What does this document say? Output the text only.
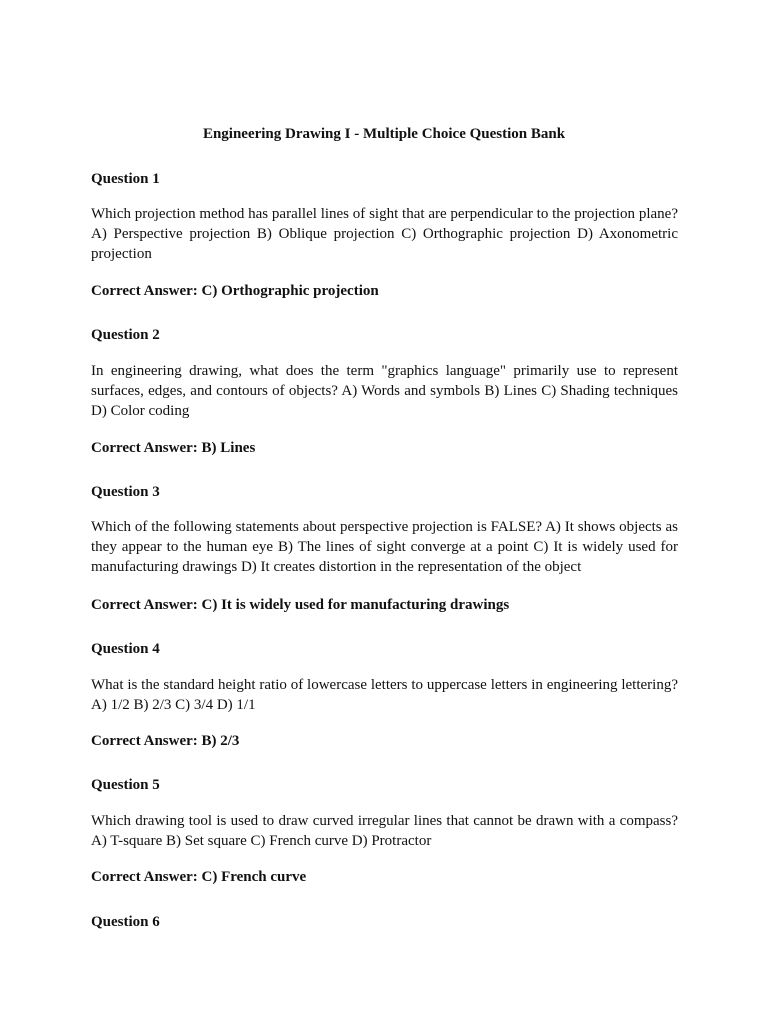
Engineering Drawing I - Multiple Choice Question Bank
Question 1
Which projection method has parallel lines of sight that are perpendicular to the projection plane? A) Perspective projection B) Oblique projection C) Orthographic projection D) Axonometric projection
Correct Answer: C) Orthographic projection
Question 2
In engineering drawing, what does the term "graphics language" primarily use to represent surfaces, edges, and contours of objects? A) Words and symbols B) Lines C) Shading techniques D) Color coding
Correct Answer: B) Lines
Question 3
Which of the following statements about perspective projection is FALSE? A) It shows objects as they appear to the human eye B) The lines of sight converge at a point C) It is widely used for manufacturing drawings D) It creates distortion in the representation of the object
Correct Answer: C) It is widely used for manufacturing drawings
Question 4
What is the standard height ratio of lowercase letters to uppercase letters in engineering lettering? A) 1/2 B) 2/3 C) 3/4 D) 1/1
Correct Answer: B) 2/3
Question 5
Which drawing tool is used to draw curved irregular lines that cannot be drawn with a compass? A) T-square B) Set square C) French curve D) Protractor
Correct Answer: C) French curve
Question 6
